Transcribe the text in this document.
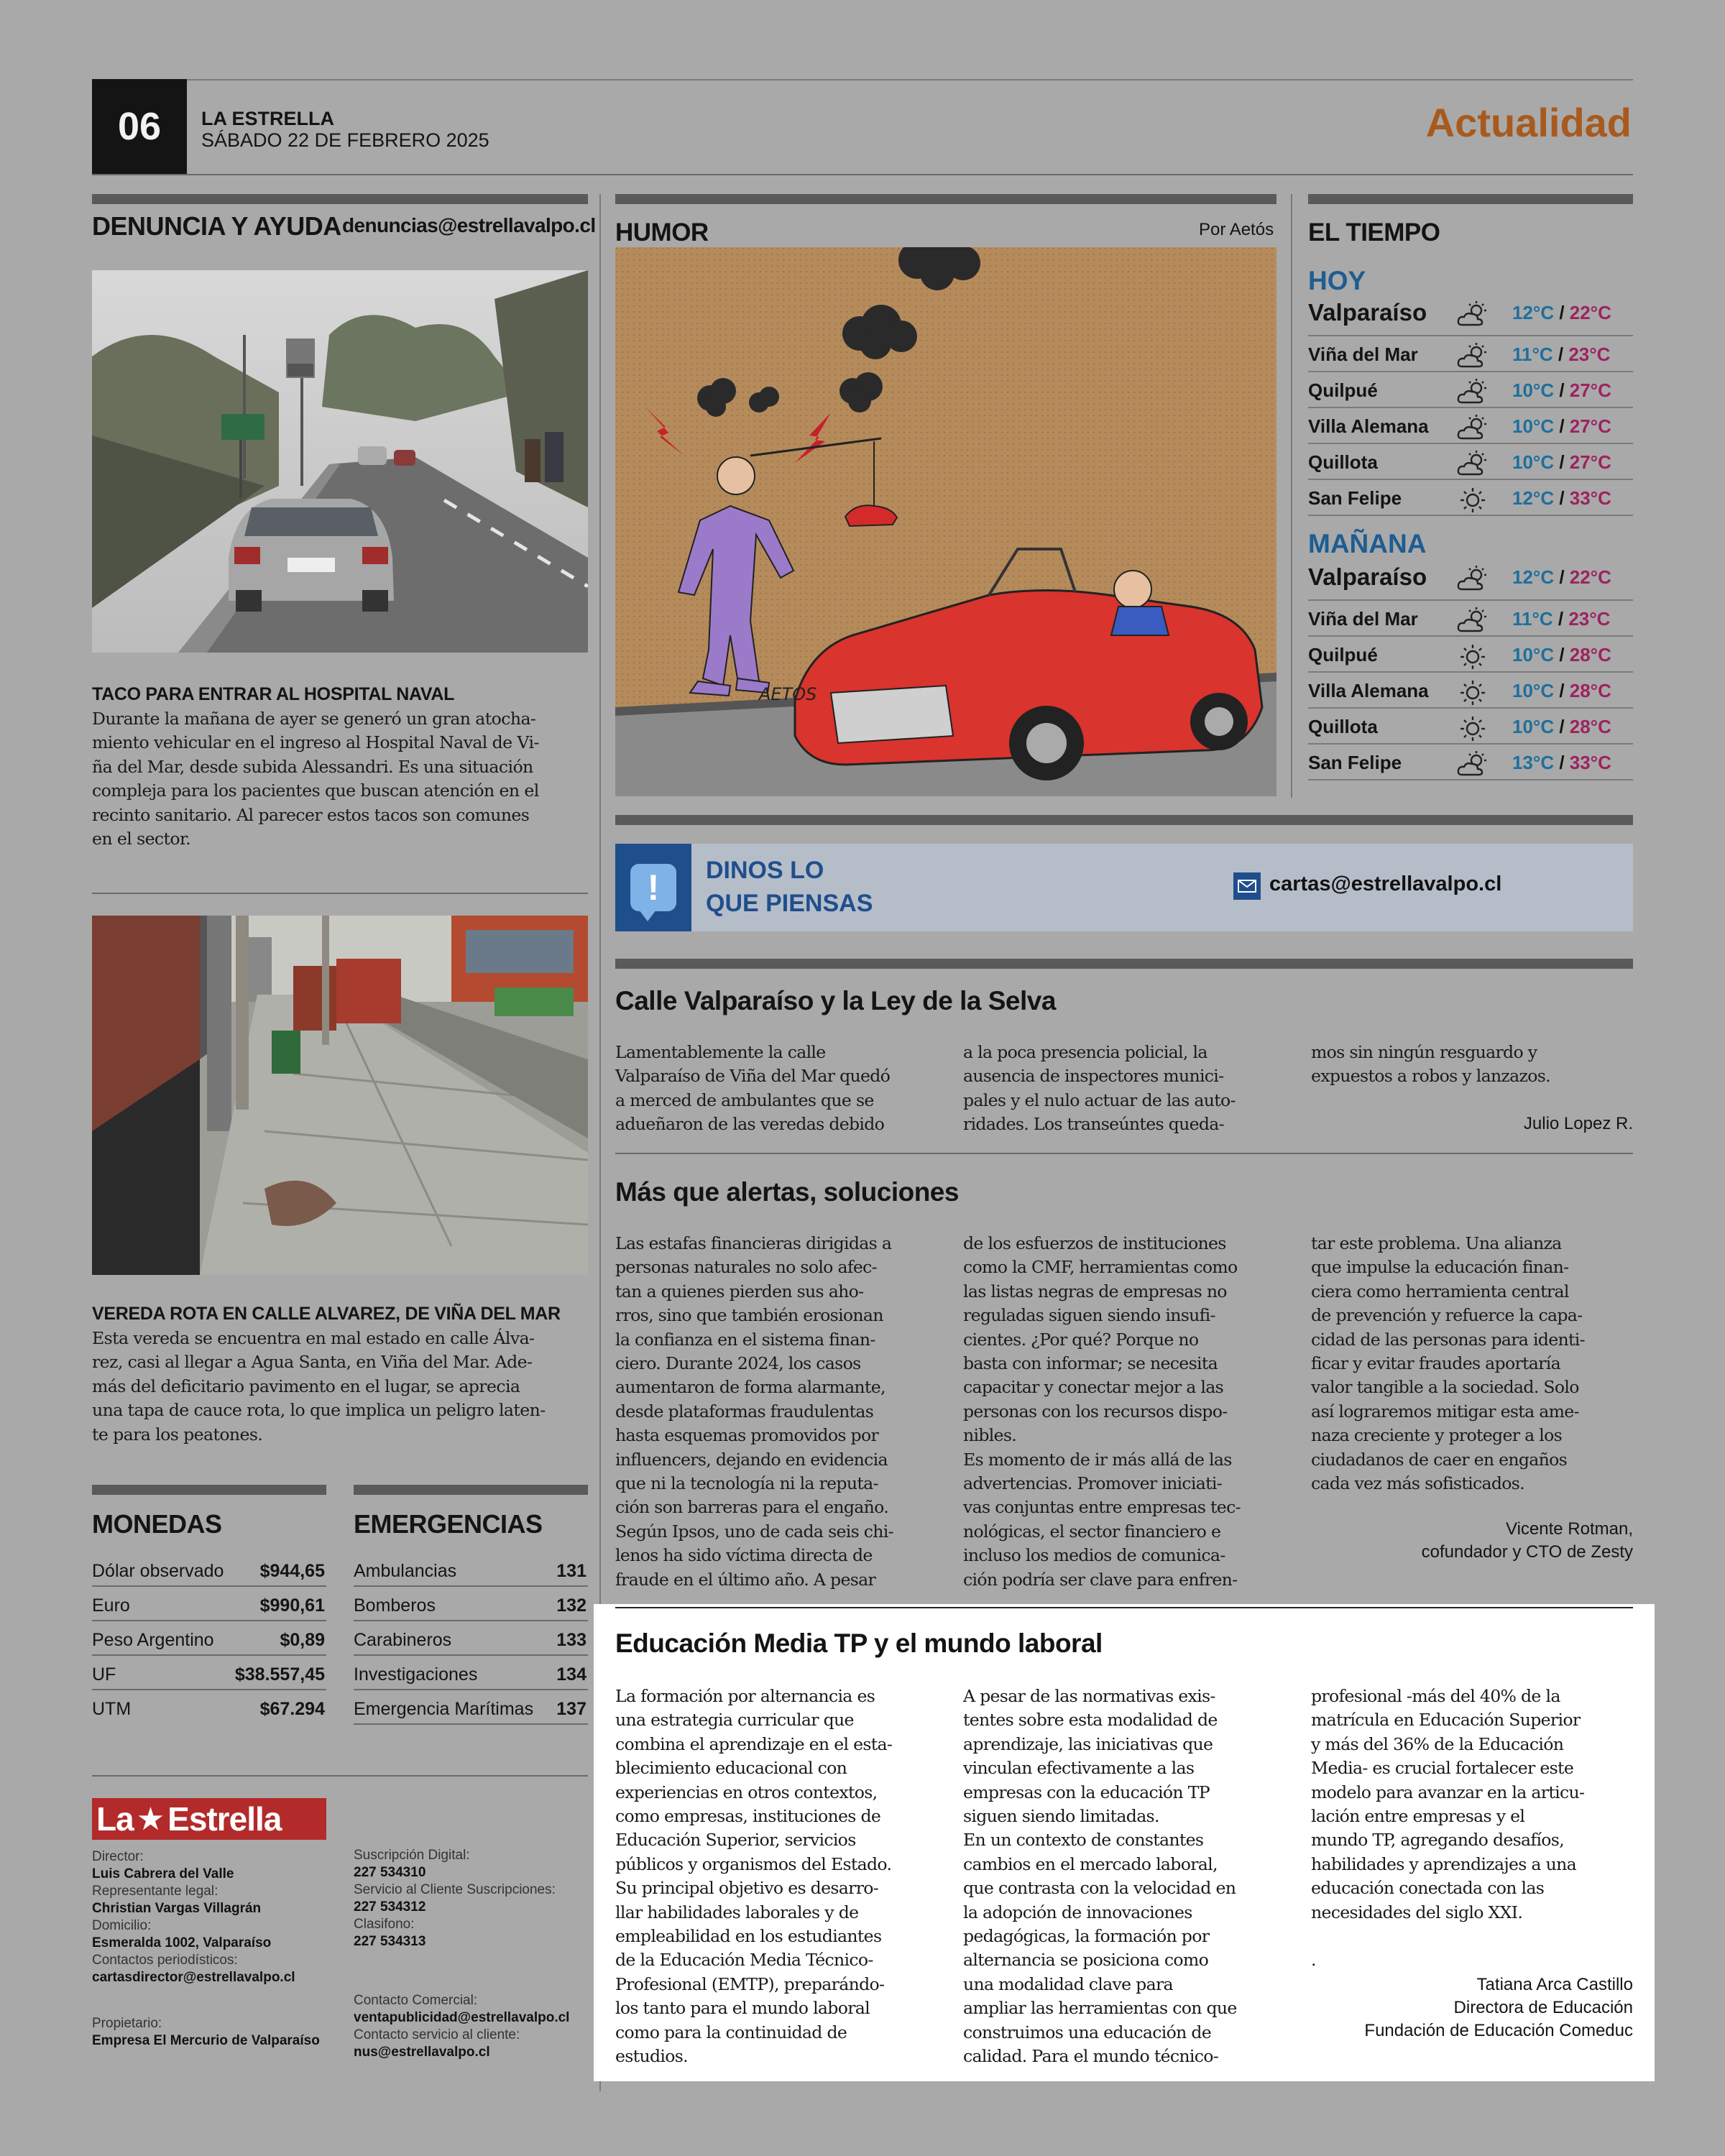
06	LA ESTRELLA
SÁBADO 22 DE FEBRERO 2025	Actualidad
DENUNCIA Y AYUDA denuncias@estrellavalpo.cl
TACO PARA ENTRAR AL HOSPITAL NAVAL
Durante la mañana de ayer se generó un gran atocha-
miento vehicular en el ingreso al Hospital Naval de Vi-
ña del Mar, desde subida Alessandri. Es una situación
compleja para los pacientes que buscan atención en el
recinto sanitario. Al parecer estos tacos son comunes
en el sector.
VEREDA ROTA EN CALLE ALVAREZ, DE VIÑA DEL MAR
Esta vereda se encuentra en mal estado en calle Álva-
rez, casi al llegar a Agua Santa, en Viña del Mar. Ade-
más del deficitario pavimento en el lugar, se aprecia
una tapa de cauce rota, lo que implica un peligro laten-
te para los peatones.
MONEDAS
Dólar observado $944,65
Euro	$990,61
Peso Argentino	$0,89
UF	$38.557,45
UTM	$67.294
EMERGENCIAS
Ambulancias	131
Bomberos	132
Carabineros	133
Investigaciones	134
Emergencia Marítimas 137
La ★ Estrella
Director:
Luis Cabrera del Valle
Representante legal:
Christian Vargas Villagrán
Domicilio:
Esmeralda 1002, Valparaíso
Contactos periodísticos:
cartasdirector@estrellavalpo.cl
Propietario:
Empresa El Mercurio de Valparaíso
Suscripción Digital:
227 534310
Servicio al Cliente Suscripciones:
227 534312
Clasifono:
227 534313
Contacto Comercial:
ventapublicidad@estrellavalpo.cl
Contacto servicio al cliente:
nus@estrellavalpo.cl
HUMOR	Por Aetós
AETOS
EL TIEMPO
HOY
Valparaíso	12°C / 22°C
Viña del Mar	11°C / 23°C
Quilpué	10°C / 27°C
Villa Alemana	10°C / 27°C
Quillota	10°C / 27°C
San Felipe	12°C / 33°C
MAÑANA
Valparaíso	12°C / 22°C
Viña del Mar	11°C / 23°C
Quilpué	10°C / 28°C
Villa Alemana	10°C / 28°C
Quillota	10°C / 28°C
San Felipe	13°C / 33°C
!	DINOS LO
QUE PIENSAS
cartas@estrellavalpo.cl
Calle Valparaíso y la Ley de la Selva
Lamentablemente la calle
Valparaíso de Viña del Mar quedó
a merced de ambulantes que se
adueñaron de las veredas debido
a la poca presencia policial, la
ausencia de inspectores munici-
pales y el nulo actuar de las auto-
ridades. Los transeúntes queda-
mos sin ningún resguardo y
expuestos a robos y lanzazos.
Julio Lopez R.
Más que alertas, soluciones
Las estafas financieras dirigidas a
personas naturales no solo afec-
tan a quienes pierden sus aho-
rros, sino que también erosionan
la confianza en el sistema finan-
ciero. Durante 2024, los casos
aumentaron de forma alarmante,
desde plataformas fraudulentas
hasta esquemas promovidos por
influencers, dejando en evidencia
que ni la tecnología ni la reputa-
ción son barreras para el engaño.
Según Ipsos, uno de cada seis chi-
lenos ha sido víctima directa de
fraude en el último año. A pesar
de los esfuerzos de instituciones
como la CMF, herramientas como
las listas negras de empresas no
reguladas siguen siendo insufi-
cientes. ¿Por qué? Porque no
basta con informar; se necesita
capacitar y conectar mejor a las
personas con los recursos dispo-
nibles.
Es momento de ir más allá de las
advertencias. Promover iniciati-
vas conjuntas entre empresas tec-
nológicas, el sector financiero e
incluso los medios de comunica-
ción podría ser clave para enfren-
tar este problema. Una alianza
que impulse la educación finan-
ciera como herramienta central
de prevención y refuerce la capa-
cidad de las personas para identi-
ficar y evitar fraudes aportaría
valor tangible a la sociedad. Solo
así lograremos mitigar esta ame-
naza creciente y proteger a los
ciudadanos de caer en engaños
cada vez más sofisticados.
Vicente Rotman,
cofundador y CTO de Zesty
Educación Media TP y el mundo laboral
La formación por alternancia es
una estrategia curricular que
combina el aprendizaje en el esta-
blecimiento educacional con
experiencias en otros contextos,
como empresas, instituciones de
Educación Superior, servicios
públicos y organismos del Estado.
Su principal objetivo es desarro-
llar habilidades laborales y de
empleabilidad en los estudiantes
de la Educación Media Técnico-
Profesional (EMTP), preparándo-
los tanto para el mundo laboral
como para la continuidad de
estudios.
A pesar de las normativas exis-
tentes sobre esta modalidad de
aprendizaje, las iniciativas que
vinculan efectivamente a las
empresas con la educación TP
siguen siendo limitadas.
En un contexto de constantes
cambios en el mercado laboral,
que contrasta con la velocidad en
la adopción de innovaciones
pedagógicas, la formación por
alternancia se posiciona como
una modalidad clave para
ampliar las herramientas con que
construimos una educación de
calidad. Para el mundo técnico-
profesional -más del 40% de la
matrícula en Educación Superior
y más del 36% de la Educación
Media- es crucial fortalecer este
modelo para avanzar en la articu-
lación entre empresas y el
mundo TP, agregando desafíos,
habilidades y aprendizajes a una
educación conectada con las
necesidades del siglo XXI.
.
Tatiana Arca Castillo
Directora de Educación
Fundación de Educación Comeduc
